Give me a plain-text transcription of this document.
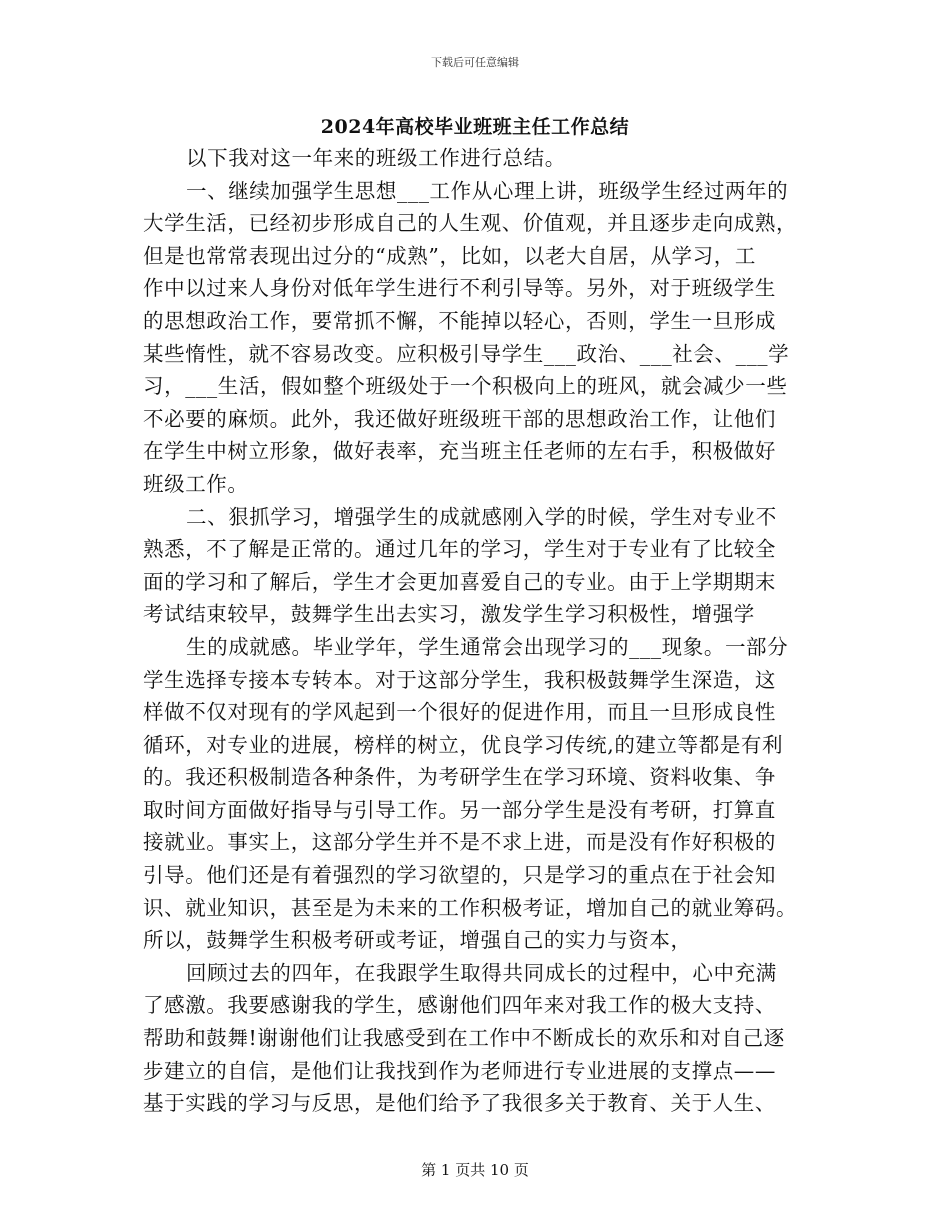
下载后可任意编辑
2024年高校毕业班班主任工作总结
以下我对这一年来的班级工作进行总结。
一、继续加强学生思想___工作从心理上讲，班级学生经过两年的
大学生活，已经初步形成自己的人生观、价值观，并且逐步走向成熟，
但是也常常表现出过分的“成熟”，比如，以老大自居，从学习，工
作中以过来人身份对低年学生进行不利引导等。另外，对于班级学生
的思想政治工作，要常抓不懈，不能掉以轻心，否则，学生一旦形成
某些惰性，就不容易改变。应积极引导学生___政治、___社会、___学
习，___生活，假如整个班级处于一个积极向上的班风，就会减少一些
不必要的麻烦。此外，我还做好班级班干部的思想政治工作，让他们
在学生中树立形象，做好表率，充当班主任老师的左右手，积极做好
班级工作。
二、狠抓学习，增强学生的成就感刚入学的时候，学生对专业不
熟悉，不了解是正常的。通过几年的学习，学生对于专业有了比较全
面的学习和了解后，学生才会更加喜爱自己的专业。由于上学期期末
考试结束较早，鼓舞学生出去实习，激发学生学习积极性，增强学
生的成就感。毕业学年，学生通常会出现学习的___现象。一部分
学生选择专接本专转本。对于这部分学生，我积极鼓舞学生深造，这
样做不仅对现有的学风起到一个很好的促进作用，而且一旦形成良性
循环，对专业的进展，榜样的树立，优良学习传统,的建立等都是有利
的。我还积极制造各种条件，为考研学生在学习环境、资料收集、争
取时间方面做好指导与引导工作。另一部分学生是没有考研，打算直
接就业。事实上，这部分学生并不是不求上进，而是没有作好积极的
引导。他们还是有着强烈的学习欲望的，只是学习的重点在于社会知
识、就业知识，甚至是为未来的工作积极考证，增加自己的就业筹码。
所以，鼓舞学生积极考研或考证，增强自己的实力与资本，
回顾过去的四年，在我跟学生取得共同成长的过程中，心中充满
了感激。我要感谢我的学生，感谢他们四年来对我工作的极大支持、
帮助和鼓舞!谢谢他们让我感受到在工作中不断成长的欢乐和对自己逐
步建立的自信，是他们让我找到作为老师进行专业进展的支撑点——
基于实践的学习与反思，是他们给予了我很多关于教育、关于人生、
第 1 页共 10 页
